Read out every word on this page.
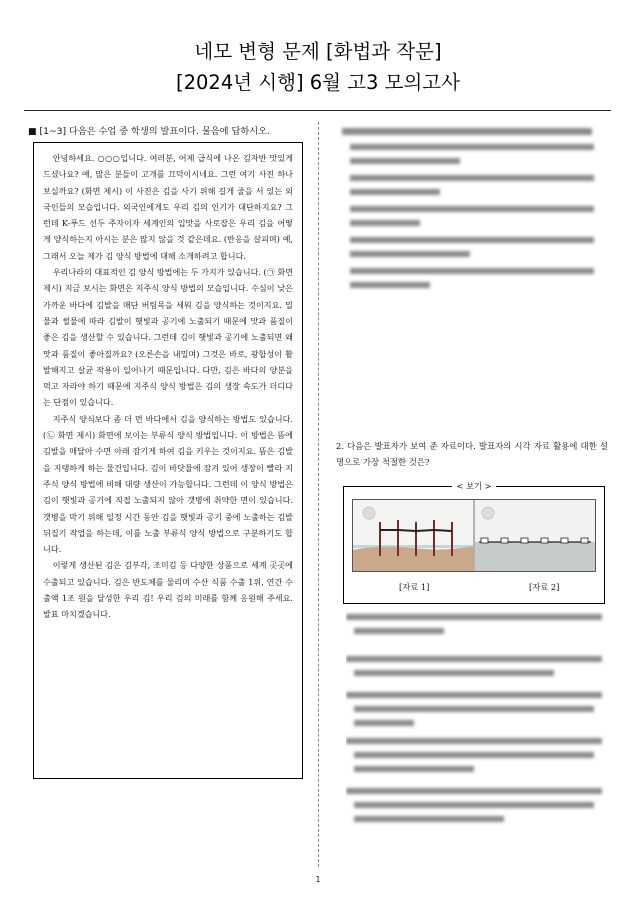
네모 변형 문제 [화법과 작문]
[2024년 시행] 6월 고3 모의고사
■ [1~3] 다음은 수업 중 학생의 발표이다. 물음에 답하시오.

안녕하세요. ○○○입니다. 여러분, 어제 급식에 나온 김자반 맛있게 드셨나요? 예, 많은 분들이 고개를 끄덕이시네요. 그런 여기 사진 하나 보실까요? (화면 제시) 이 사진은 김을 사기 위해 길게 줄을 서 있는 외국인들의 모습입니다. 외국인에게도 우리 김의 인기가 대단하지요? 그런데 K-푸드 선두 주자이자 세계인의 입맛을 사로잡은 우리 김을 어떻게 양식하는지 아시는 분은 많지 않을 것 같은데요. (반응을 살피며) 예, 그래서 오늘 제가 김 양식 방법에 대해 소개하려고 합니다.

우리나라의 대표적인 김 양식 방법에는 두 가지가 있습니다. (㉠ 화면 제시) 지금 보시는 화면은 지주식 양식 방법의 모습입니다. 수심이 낮은 가까운 바다에 김발을 매단 버팀목을 세워 김을 양식하는 것이지요. 밀물과 썰물에 따라 김발이 햇빛과 공기에 노출되기 때문에 맛과 품질이 좋은 김을 생산할 수 있습니다. 그런데 김이 햇빛과 공기에 노출되면 왜 맛과 품질이 좋아질까요? (오른손을 내밀며) 그것은 바로, 광합성이 활발해지고 살균 작용이 일어나기 때문입니다. 다만, 김은 바다의 양분을 먹고 자라야 하기 때문에 지주식 양식 방법은 김의 생장 속도가 더디다는 단점이 있습니다.

지주식 양식보다 좀 더 먼 바다에서 김을 양식하는 방법도 있습니다. (㉡ 화면 제시) 화면에 보이는 부류식 양식 방법입니다. 이 방법은 뜸에 김발을 매달아 수면 아래 잠기게 하여 김을 키우는 것이지요. 뜸은 김발을 지탱하게 하는 물건입니다. 김이 바닷물에 잠겨 있어 생장이 빨라 지주식 양식 방법에 비해 대량 생산이 가능합니다. 그런데 이 양식 방법은 김이 햇빛과 공기에 직접 노출되지 않아 갯병에 취약한 면이 있습니다. 갯병을 막기 위해 일정 시간 동안 김을 햇빛과 공기 중에 노출하는 김발 뒤집기 작업을 하는데, 이를 노출 부류식 양식 방법으로 구분하기도 합니다.

이렇게 생산된 김은 김부각, 조미김 등 다양한 상품으로 세계 곳곳에 수출되고 있습니다. 김은 반도체를 물리며 수산 식품 수출 1위, 연간 수출액 1조 원을 달성한 우리 김! 우리 김의 미래를 함께 응원해 주세요. 발표 마치겠습니다.

2. 다음은 발표자가 보여 준 자료이다. 발표자의 시각 자료 활용에 대한 설명으로 가장 적절한 것은?
< 보기 >
[자료 1]	[자료 2]
1
